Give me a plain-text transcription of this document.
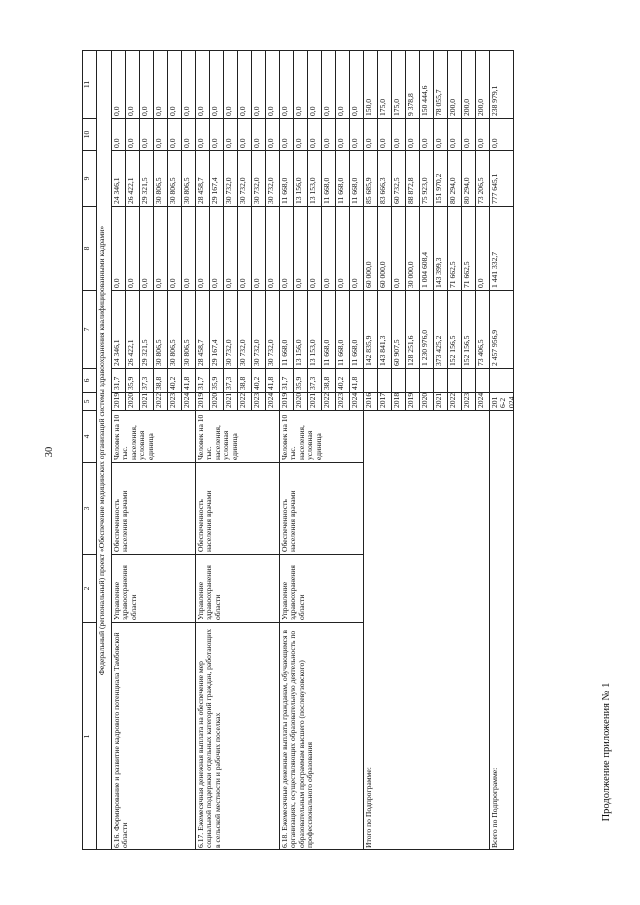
30
Продолжение приложения № 1
1
2
3
4
5
6
7
8
9
10
11
Федеральный (региональный) проект «Обеспечение медицинских организаций системы здравоохранения квалифицированными кадрами»
6.16. Формирование и развитие кадрового потенциала Тамбовской области
Управление здравоохранения области
Обеспеченность населения врачами
Человек на 10 тыс. населения, условная единица
2019
31,7
24 346,1
0,0
24 346,1
0,0
0,0
2020
35,9
26 422,1
0,0
26 422,1
0,0
0,0
2021
37,3
29 321,5
0,0
29 321,5
0,0
0,0
2022
38,8
30 806,5
0,0
30 806,5
0,0
0,0
2023
40,2
30 806,5
0,0
30 806,5
0,0
0,0
2024
41,8
30 806,5
0,0
30 806,5
0,0
0,0
6.17. Ежемесячная денежная выплата на обеспечение мер социальной поддержки отдельных категорий граждан, работающих в сельской местности и рабочих поселках
Управление здравоохранения области
Обеспеченность населения врачами
Человек на 10 тыс. населения, условная единица
2019
31,7
28 458,7
0,0
28 458,7
0,0
0,0
2020
35,9
29 167,4
0,0
29 167,4
0,0
0,0
2021
37,3
30 732,0
0,0
30 732,0
0,0
0,0
2022
38,8
30 732,0
0,0
30 732,0
0,0
0,0
2023
40,2
30 732,0
0,0
30 732,0
0,0
0,0
2024
41,8
30 732,0
0,0
30 732,0
0,0
0,0
6.18. Ежемесячные денежные выплаты гражданам, обучающимся в организациях, осуществляющих образовательную деятельность по образовательным программам высшего (послевузовского) профессионального образования
Управление здравоохранения области
Обеспеченность населения врачами
Человек на 10 тыс. населения, условная единица
2019
31,7
11 668,0
0,0
11 668,0
0,0
0,0
2020
35,9
13 156,0
0,0
13 156,0
0,0
0,0
2021
37,3
13 153,0
0,0
13 153,0
0,0
0,0
2022
38,8
11 668,0
0,0
11 668,0
0,0
0,0
2023
40,2
11 668,0
0,0
11 668,0
0,0
0,0
2024
41,8
11 668,0
0,0
11 668,0
0,0
0,0
Итого по Подпрограмме:
2016
142 835,9
60 000,0
85 685,9
0,0
150,0
2017
143 841,3
60 000,0
83 666,3
0,0
175,0
2018
60 907,5
0,0
60 732,5
0,0
175,0
2019
128 251,6
30 000,0
88 872,8
0,0
9 378,8
2020
1 230 976,0
1 004 608,4
75 923,0
0,0
150 444,6
2021
373 425,2
143 399,3
151 970,2
0,0
78 055,7
2022
152 156,5
71 662,5
80 294,0
0,0
200,0
2023
152 156,5
71 662,5
80 294,0
0,0
200,0
2024
73 406,5
0,0
73 206,5
0,0
200,0
Всего по Подпрограмме:
2016-2024
2 457 956,9
1 441 332,7
777 645,1
0,0
238 979,1
